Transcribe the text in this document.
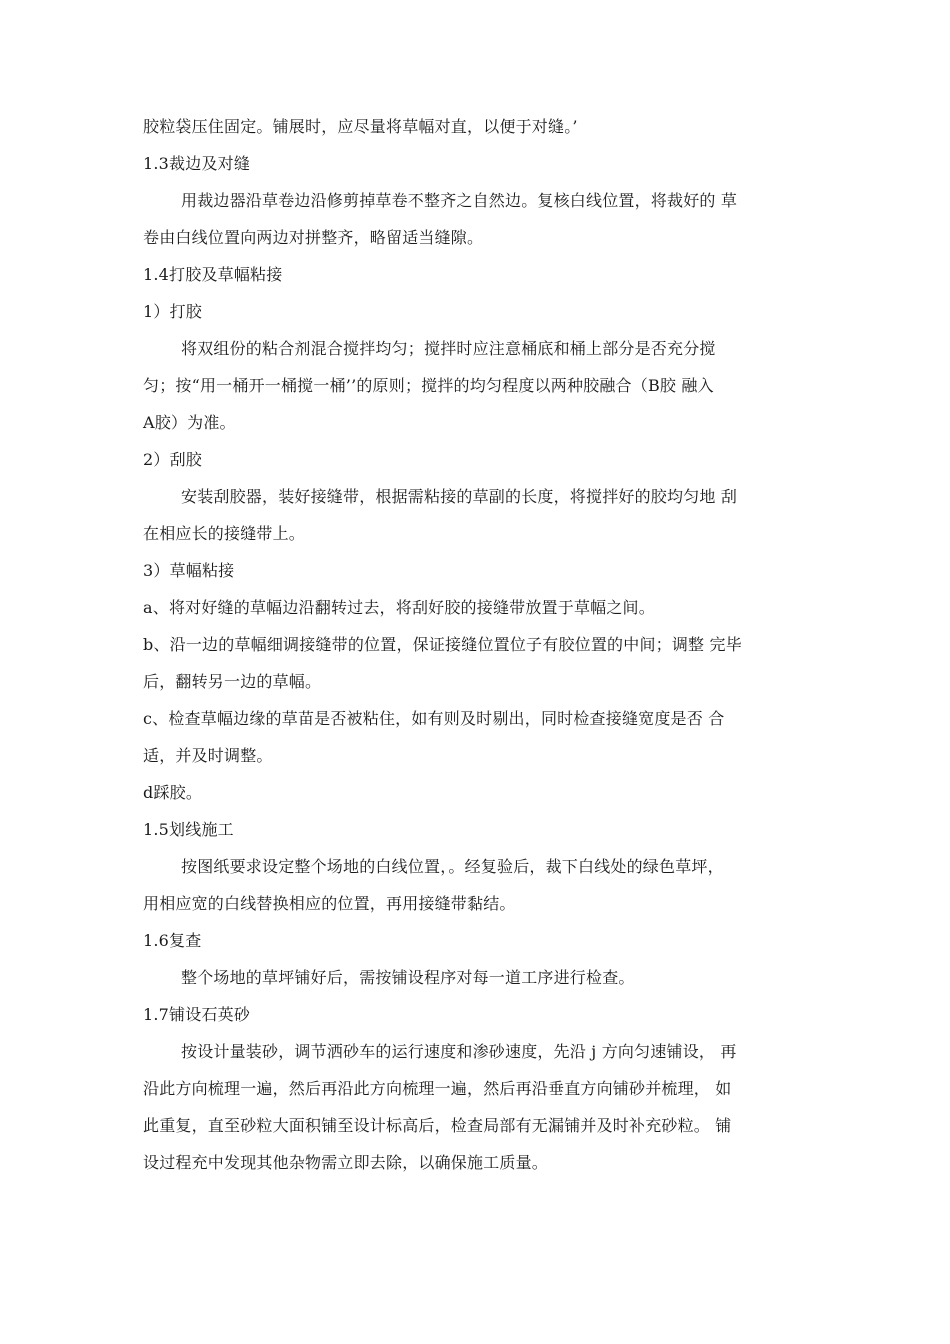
胶粒袋压住固定。铺展时，应尽量将草幅对直，以便于对缝。’
1.3裁边及对缝
用裁边器沿草卷边沿修剪掉草卷不整齐之自然边。复核白线位置，将裁好的 草
卷由白线位置向两边对拼整齐，略留适当缝隙。
1.4打胶及草幅粘接
1）打胶
将双组份的粘合剂混合搅拌均匀；搅拌时应注意桶底和桶上部分是否充分搅
匀；按“用一桶开一桶搅一桶’’的原则；搅拌的均匀程度以两种胶融合（B胶 融入
A胶）为准。
2）刮胶
安装刮胶器，装好接缝带，根据需粘接的草副的长度，将搅拌好的胶均匀地 刮
在相应长的接缝带上。
3）草幅粘接
a、将对好缝的草幅边沿翻转过去，将刮好胶的接缝带放置于草幅之间。
b、沿一边的草幅细调接缝带的位置，保证接缝位置位子有胶位置的中间；调整 完毕
后，翻转另一边的草幅。
c、检查草幅边缘的草苗是否被粘住，如有则及时剔出，同时检查接缝宽度是否 合
适，并及时调整。
d踩胶。
1.5划线施工
按图纸要求设定整个场地的白线位置，。经复验后，裁下白线处的绿色草坪，
用相应宽的白线替换相应的位置，再用接缝带黏结。
1.6复查
整个场地的草坪铺好后，需按铺设程序对每一道工序进行检查。
1.7铺设石英砂
按设计量装砂，调节洒砂车的运行速度和渗砂速度，先沿 j 方向匀速铺设， 再
沿此方向梳理一遍，然后再沿此方向梳理一遍，然后再沿垂直方向铺砂并梳理， 如
此重复，直至砂粒大面积铺至设计标高后，检查局部有无漏铺并及时补充砂粒。 铺
设过程充中发现其他杂物需立即去除，以确保施工质量。
